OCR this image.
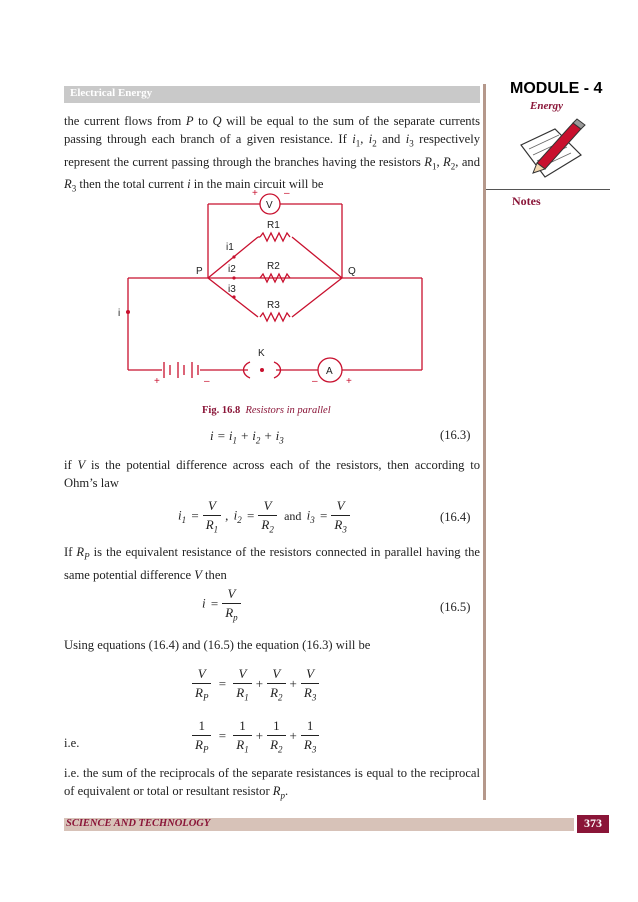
Electrical Energy	MODULE - 4
Energy
Notes

the current flows from P to Q will be equal to the sum of the separate currents passing through each branch of a given resistance. If $i_1$, $i_2$ and $i_3$ respectively represent the current passing through the branches having the resistors $R_1$, $R_2$, and $R_3$ then the total current i in the main circuit will be

V
A
K
P	Q
R1
R2
R3
i1
i2
i3
i
+	–
+	–	–	+
Fig. 16.8 Resistors in parallel
$i = i_1 + i_2 + i_3$	(16.3)

if V is the potential difference across each of the resistors, then according to Ohm’s law

$i_1 = \frac{V}{R_1}$ , $i_2 = \frac{V}{R_2}$ and $i_3 = \frac{V}{R_3}$	(16.4)

If $R_P$ is the equivalent resistance of the resistors connected in parallel having the same potential difference V then

$i = \frac{V}{R_p}$	(16.5)

Using equations (16.4) and (16.5) the equation (16.3) will be

$\frac{V}{R_P} = \frac{V}{R_1} + \frac{V}{R_2} + \frac{V}{R_3}$

i.e.	$\frac{1}{R_P} = \frac{1}{R_1} + \frac{1}{R_2} + \frac{1}{R_3}$

i.e. the sum of the reciprocals of the separate resistances is equal to the reciprocal of equivalent or total or resultant resistor $R_p$.

SCIENCE AND TECHNOLOGY	373
